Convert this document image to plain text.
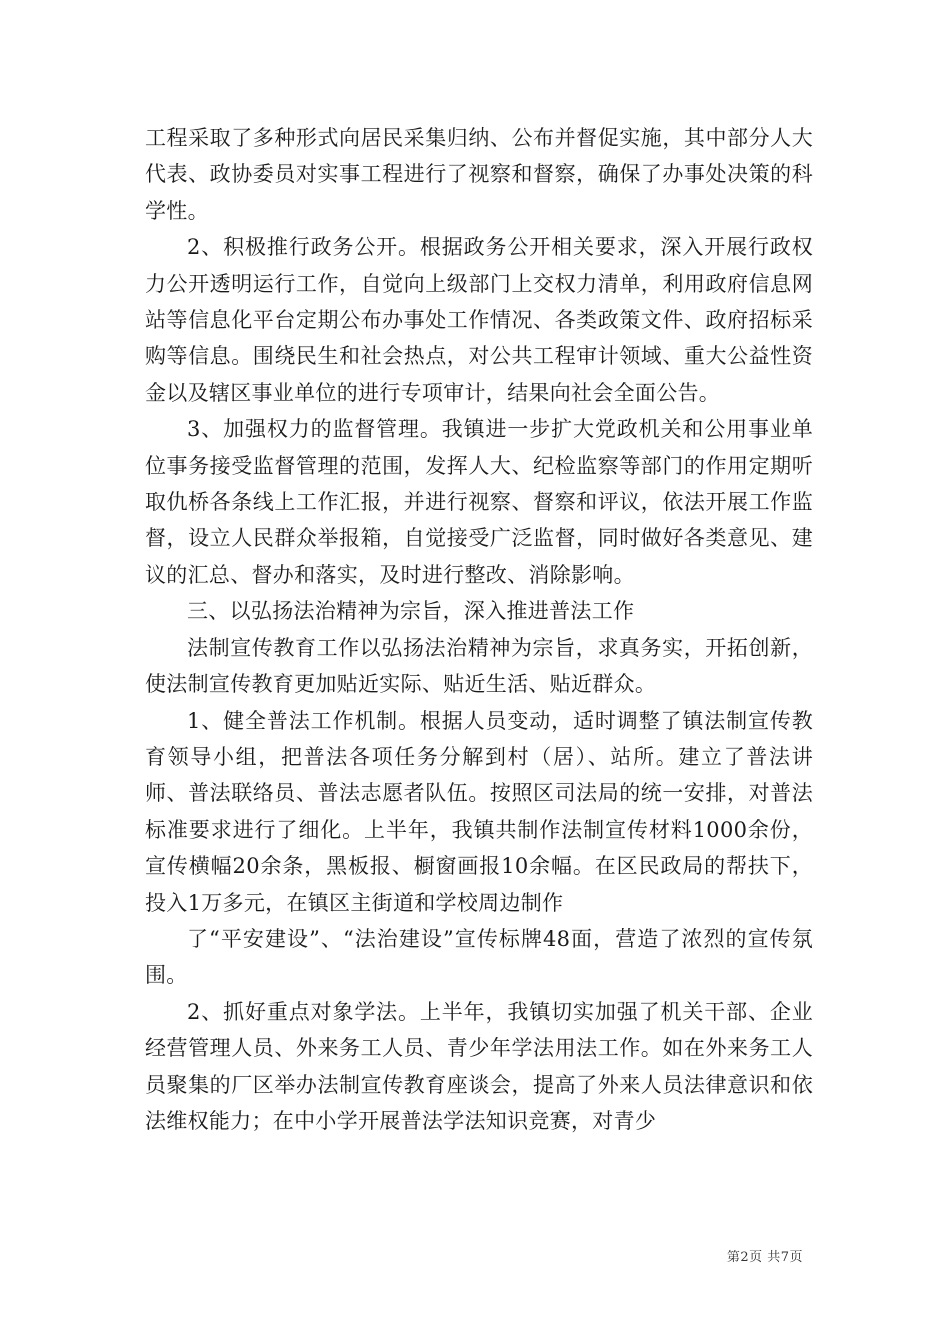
工程采取了多种形式向居民采集归纳、公布并督促实施，其中部分人大代表、政协委员对实事工程进行了视察和督察，确保了办事处决策的科学性。

2、积极推行政务公开。根据政务公开相关要求，深入开展行政权力公开透明运行工作，自觉向上级部门上交权力清单，利用政府信息网站等信息化平台定期公布办事处工作情况、各类政策文件、政府招标采购等信息。围绕民生和社会热点，对公共工程审计领域、重大公益性资金以及辖区事业单位的进行专项审计，结果向社会全面公告。

3、加强权力的监督管理。我镇进一步扩大党政机关和公用事业单位事务接受监督管理的范围，发挥人大、纪检监察等部门的作用定期听取仇桥各条线上工作汇报，并进行视察、督察和评议，依法开展工作监督，设立人民群众举报箱，自觉接受广泛监督，同时做好各类意见、建议的汇总、督办和落实，及时进行整改、消除影响。

三、以弘扬法治精神为宗旨，深入推进普法工作

法制宣传教育工作以弘扬法治精神为宗旨，求真务实，开拓创新，使法制宣传教育更加贴近实际、贴近生活、贴近群众。

1、健全普法工作机制。根据人员变动，适时调整了镇法制宣传教育领导小组，把普法各项任务分解到村（居）、站所。建立了普法讲师、普法联络员、普法志愿者队伍。按照区司法局的统一安排，对普法标准要求进行了细化。上半年，我镇共制作法制宣传材料1000余份，宣传横幅20余条，黑板报、橱窗画报10余幅。在区民政局的帮扶下，投入1万多元，在镇区主街道和学校周边制作

了“平安建设”、“法治建设”宣传标牌48面，营造了浓烈的宣传氛围。

2、抓好重点对象学法。上半年，我镇切实加强了机关干部、企业经营管理人员、外来务工人员、青少年学法用法工作。如在外来务工人员聚集的厂区举办法制宣传教育座谈会，提高了外来人员法律意识和依法维权能力；在中小学开展普法学法知识竞赛，对青少

第2页 共7页
